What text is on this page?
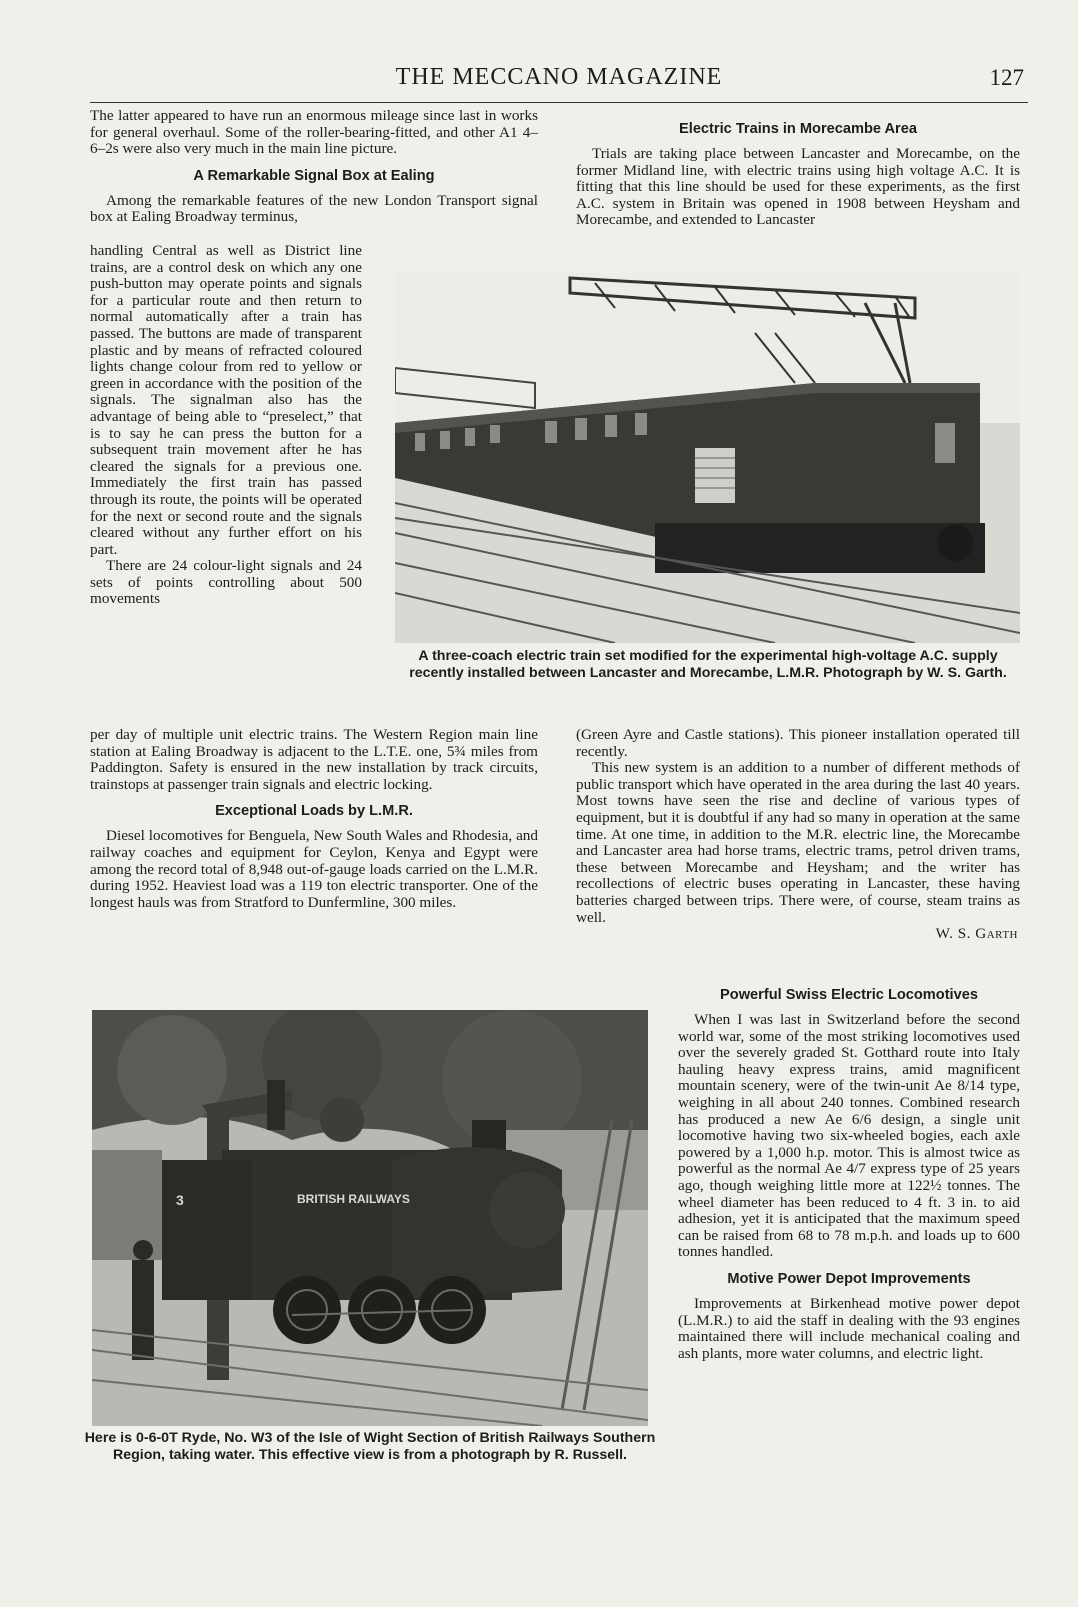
THE MECCANO MAGAZINE	127

The latter appeared to have run an enormous mileage since last in works for general overhaul. Some of the roller-bearing-fitted, and other A1 4–6–2s were also very much in the main line picture.

A Remarkable Signal Box at Ealing

Among the remarkable features of the new London Transport signal box at Ealing Broadway terminus,

handling Central as well as District line trains, are a control desk on which any one push-button may operate points and signals for a particular route and then return to normal automatically after a train has passed. The buttons are made of transparent plastic and by means of refracted coloured lights change colour from red to yellow or green in accordance with the position of the signals. The signalman also has the advantage of being able to “preselect,” that is to say he can press the button for a subsequent train movement after he has cleared the signals for a previous one. Immediately the first train has passed through its route, the points will be operated for the next or second route and the signals cleared without any further effort on his part.

There are 24 colour-light signals and 24 sets of points controlling about 500 movements

per day of multiple unit electric trains. The Western Region main line station at Ealing Broadway is adjacent to the L.T.E. one, 5¾ miles from Paddington. Safety is ensured in the new installation by track circuits, trainstops at passenger train signals and electric locking.

Exceptional Loads by L.M.R.

Diesel locomotives for Benguela, New South Wales and Rhodesia, and railway coaches and equipment for Ceylon, Kenya and Egypt were among the record total of 8,948 out-of-gauge loads carried on the L.M.R. during 1952. Heaviest load was a 119 ton electric transporter. One of the longest hauls was from Stratford to Dunfermline, 300 miles.

Electric Trains in Morecambe Area

Trials are taking place between Lancaster and Morecambe, on the former Midland line, with electric trains using high voltage A.C. It is fitting that this line should be used for these experiments, as the first A.C. system in Britain was opened in 1908 between Heysham and Morecambe, and extended to Lancaster

A three-coach electric train set modified for the experimental high-voltage A.C. supply recently installed between Lancaster and Morecambe, L.M.R. Photograph by W. S. Garth.

(Green Ayre and Castle stations). This pioneer installation operated till recently.

This new system is an addition to a number of different methods of public transport which have operated in the area during the last 40 years. Most towns have seen the rise and decline of various types of equipment, but it is doubtful if any had so many in operation at the same time. At one time, in addition to the M.R. electric line, the Morecambe and Lancaster area had horse trams, electric trams, petrol driven trams, these between Morecambe and Heysham; and the writer has recollections of electric buses operating in Lancaster, these having batteries charged between trips. There were, of course, steam trains as well.

W. S. Garth

BRITISH RAILWAYS
3
Here is 0-6-0T Ryde, No. W3 of the Isle of Wight Section of British Railways Southern Region, taking water. This effective view is from a photograph by R. Russell.
Powerful Swiss Electric Locomotives

When I was last in Switzerland before the second world war, some of the most striking locomotives used over the severely graded St. Gotthard route into Italy hauling heavy express trains, amid magnificent mountain scenery, were of the twin-unit Ae 8/14 type, weighing in all about 240 tonnes. Combined research has produced a new Ae 6/6 design, a single unit locomotive having two six-wheeled bogies, each axle powered by a 1,000 h.p. motor. This is almost twice as powerful as the normal Ae 4/7 express type of 25 years ago, though weighing little more at 122½ tonnes. The wheel diameter has been reduced to 4 ft. 3 in. to aid adhesion, yet it is anticipated that the maximum speed can be raised from 68 to 78 m.p.h. and loads up to 600 tonnes handled.

Motive Power Depot Improvements

Improvements at Birkenhead motive power depot (L.M.R.) to aid the staff in dealing with the 93 engines maintained there will include mechanical coaling and ash plants, more water columns, and electric light.
